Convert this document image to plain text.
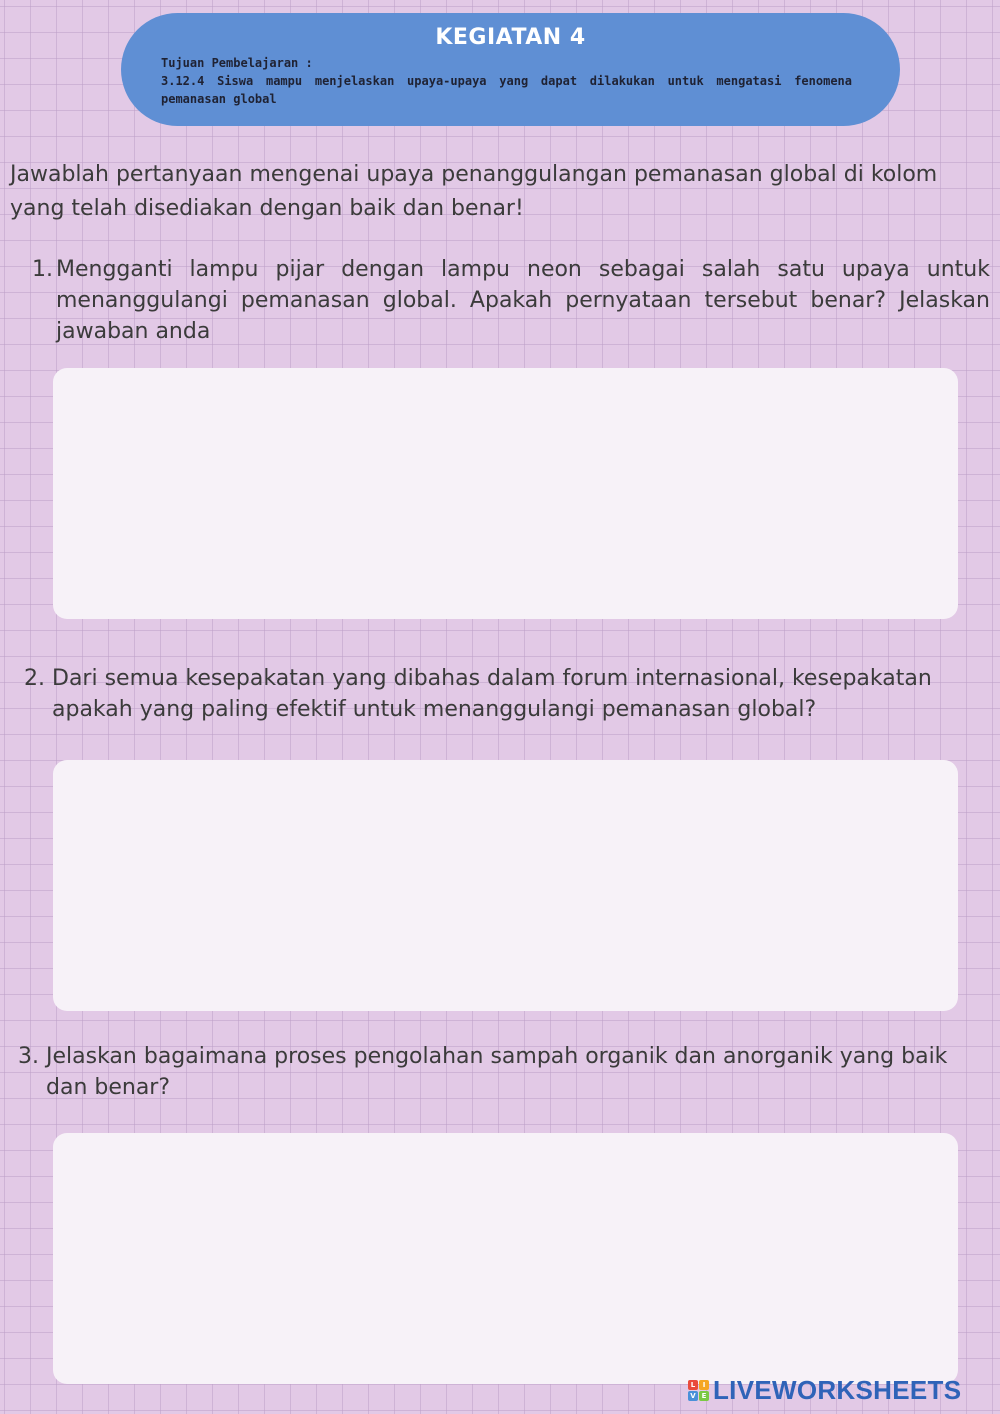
KEGIATAN 4

Tujuan Pembelajaran :

3.12.4 Siswa mampu menjelaskan upaya-upaya yang dapat dilakukan untuk mengatasi fenomena pemanasan global

Jawablah pertanyaan mengenai upaya penanggulangan pemanasan global di kolom yang telah disediakan dengan baik dan benar!
1. Mengganti lampu pijar dengan lampu neon sebagai salah satu upaya untuk menanggulangi pemanasan global. Apakah pernyataan tersebut benar? Jelaskan jawaban anda
2. Dari semua kesepakatan yang dibahas dalam forum internasional, kesepakatan apakah yang paling efektif untuk menanggulangi pemanasan global?
3. Jelaskan bagaimana proses pengolahan sampah organik dan anorganik yang baik dan benar?
L	I
V E LIVEWORKSHEETS
